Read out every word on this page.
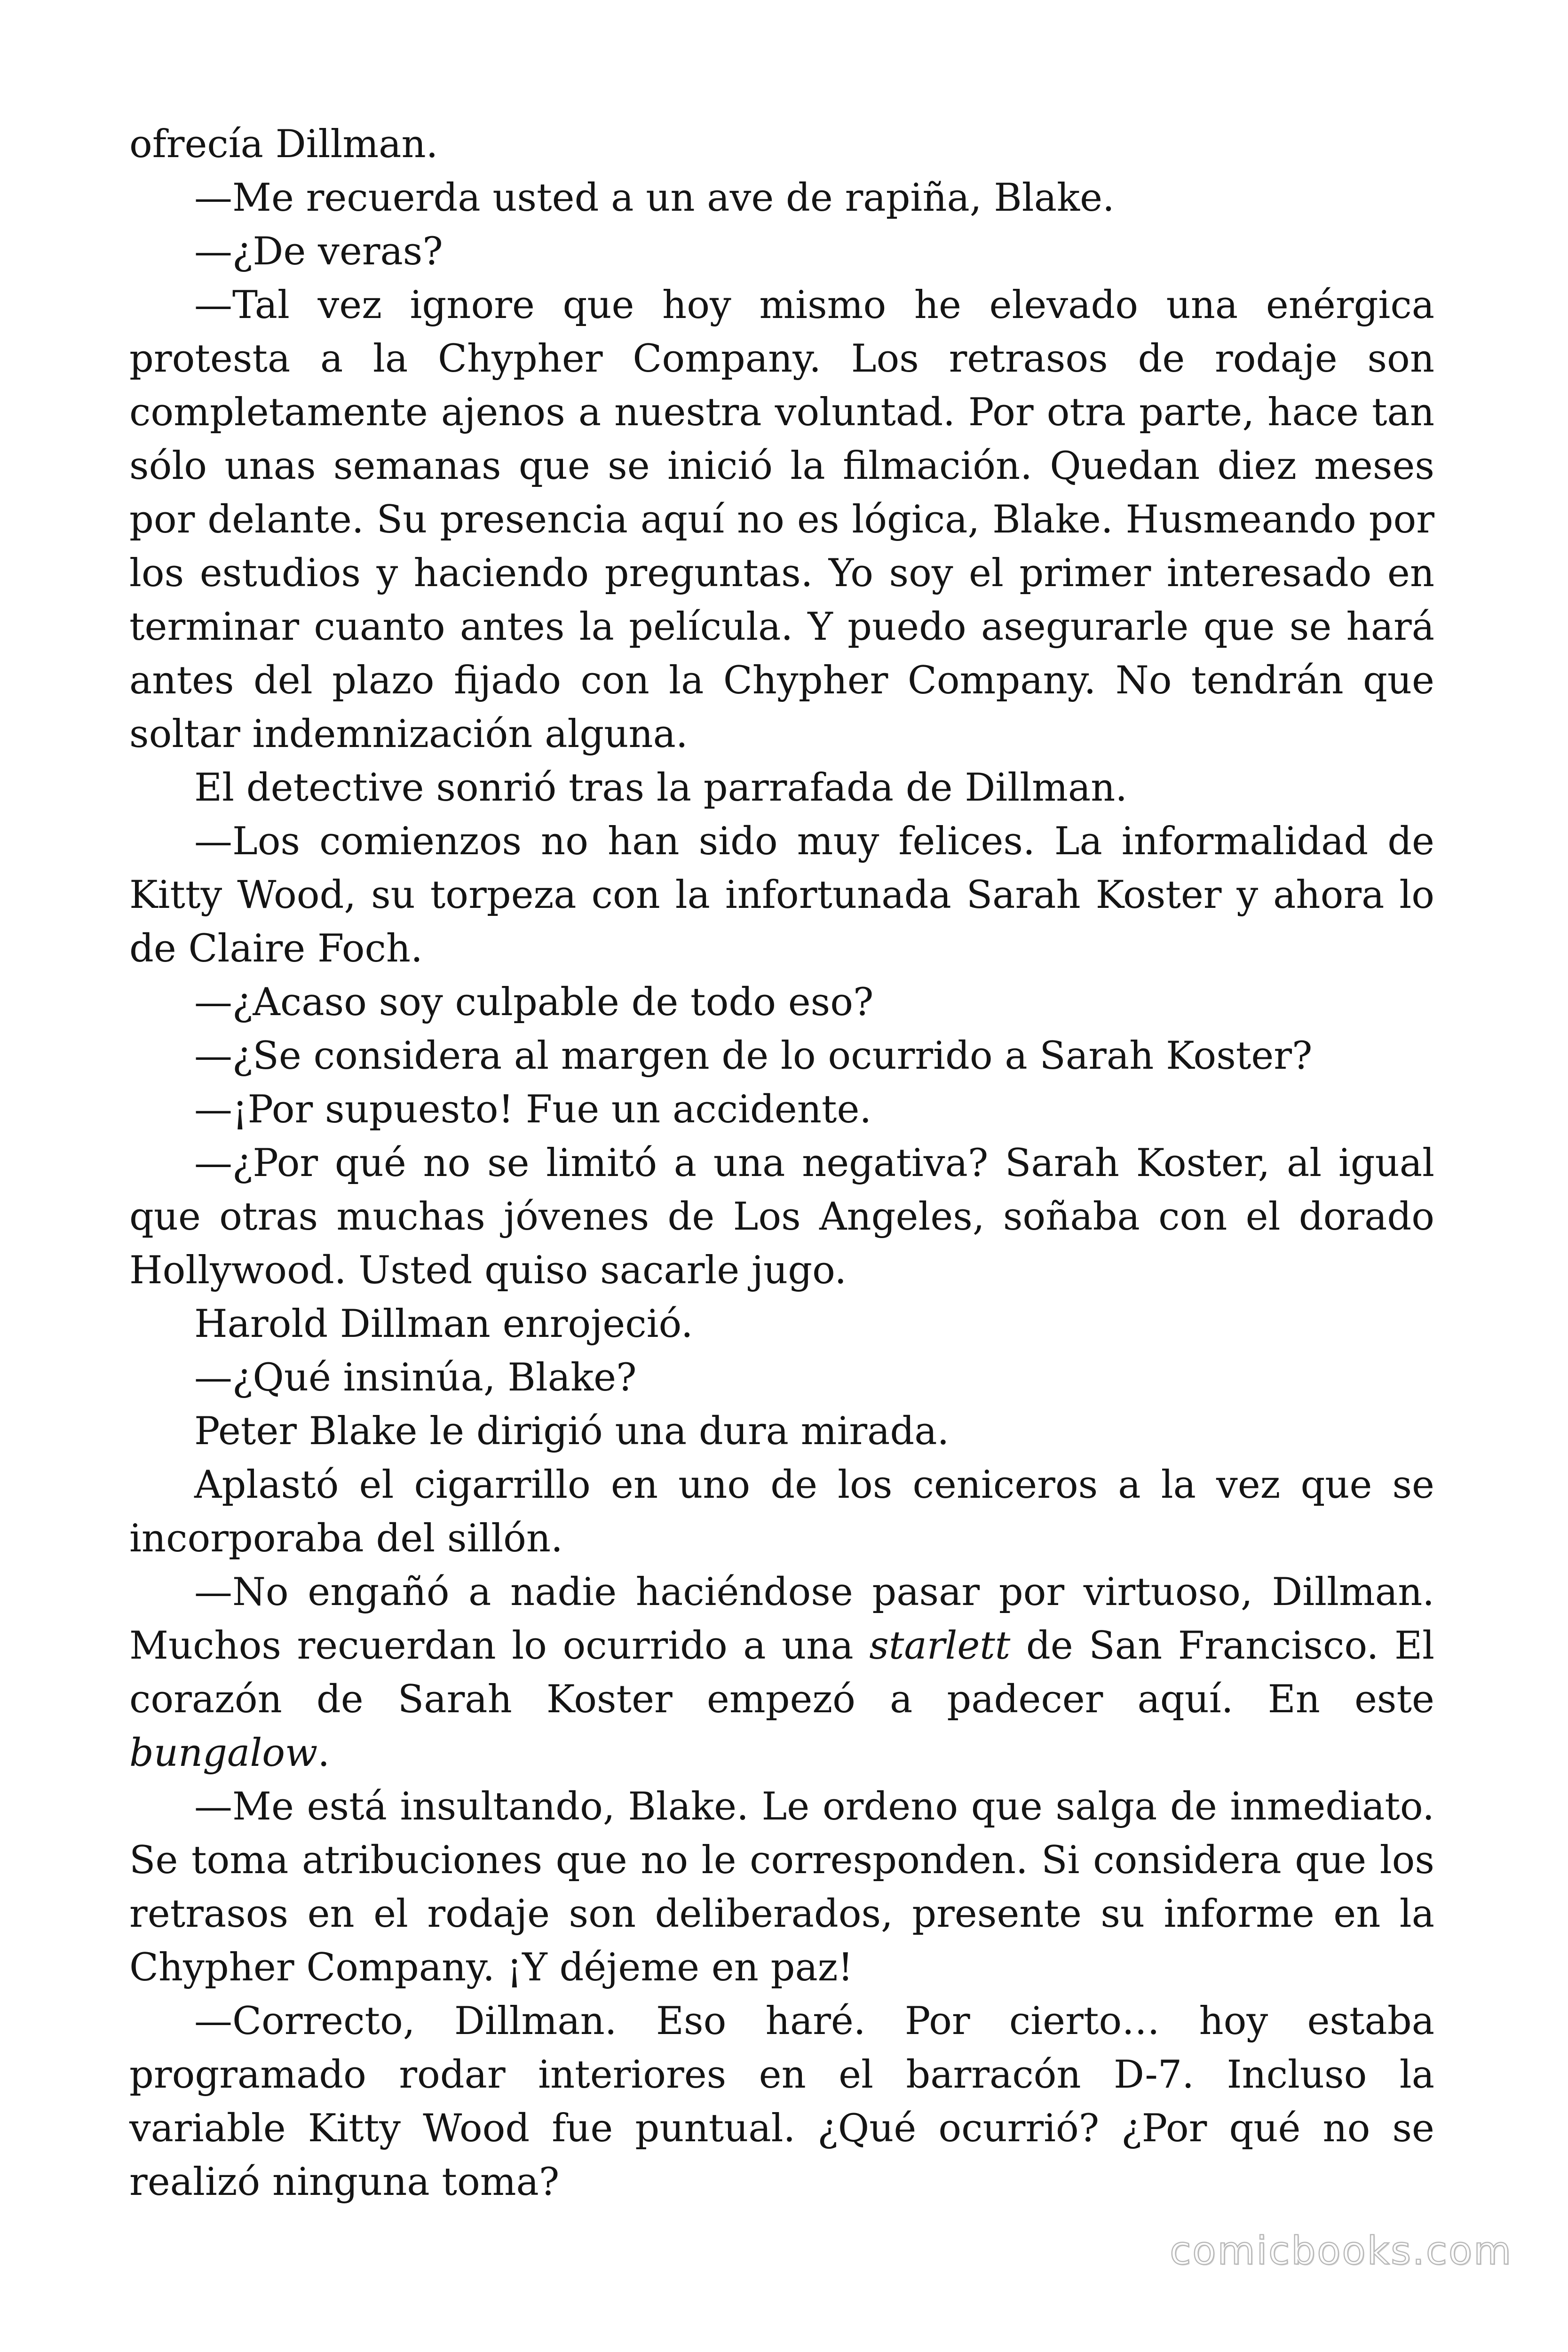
ofrecía Dillman.

—Me recuerda usted a un ave de rapiña, Blake.

—¿De veras?

—Tal vez ignore que hoy mismo he elevado una enérgica protesta a la Chypher Company. Los retrasos de rodaje son completamente ajenos a nuestra voluntad. Por otra parte, hace tan sólo unas semanas que se inició la filmación. Quedan diez meses por delante. Su presencia aquí no es lógica, Blake. Husmeando por los estudios y haciendo preguntas. Yo soy el primer interesado en terminar cuanto antes la película. Y puedo asegurarle que se hará antes del plazo fijado con la Chypher Company. No tendrán que soltar indemnización alguna.

El detective sonrió tras la parrafada de Dillman.

—Los comienzos no han sido muy felices. La informalidad de Kitty Wood, su torpeza con la infortunada Sarah Koster y ahora lo de Claire Foch.

—¿Acaso soy culpable de todo eso?

—¿Se considera al margen de lo ocurrido a Sarah Koster?

—¡Por supuesto! Fue un accidente.

—¿Por qué no se limitó a una negativa? Sarah Koster, al igual que otras muchas jóvenes de Los Angeles, soñaba con el dorado Hollywood. Usted quiso sacarle jugo.

Harold Dillman enrojeció.

—¿Qué insinúa, Blake?

Peter Blake le dirigió una dura mirada.

Aplastó el cigarrillo en uno de los ceniceros a la vez que se incorporaba del sillón.

—No engañó a nadie haciéndose pasar por virtuoso, Dillman. Muchos recuerdan lo ocurrido a una starlett de San Francisco. El corazón de Sarah Koster empezó a padecer aquí. En este bungalow.

—Me está insultando, Blake. Le ordeno que salga de inmediato. Se toma atribuciones que no le corresponden. Si considera que los retrasos en el rodaje son deliberados, presente su informe en la Chypher Company. ¡Y déjeme en paz!

—Correcto, Dillman. Eso haré. Por cierto… hoy estaba programado rodar interiores en el barracón D-7. Incluso la variable Kitty Wood fue puntual. ¿Qué ocurrió? ¿Por qué no se realizó ninguna toma?

comicbooks.com
